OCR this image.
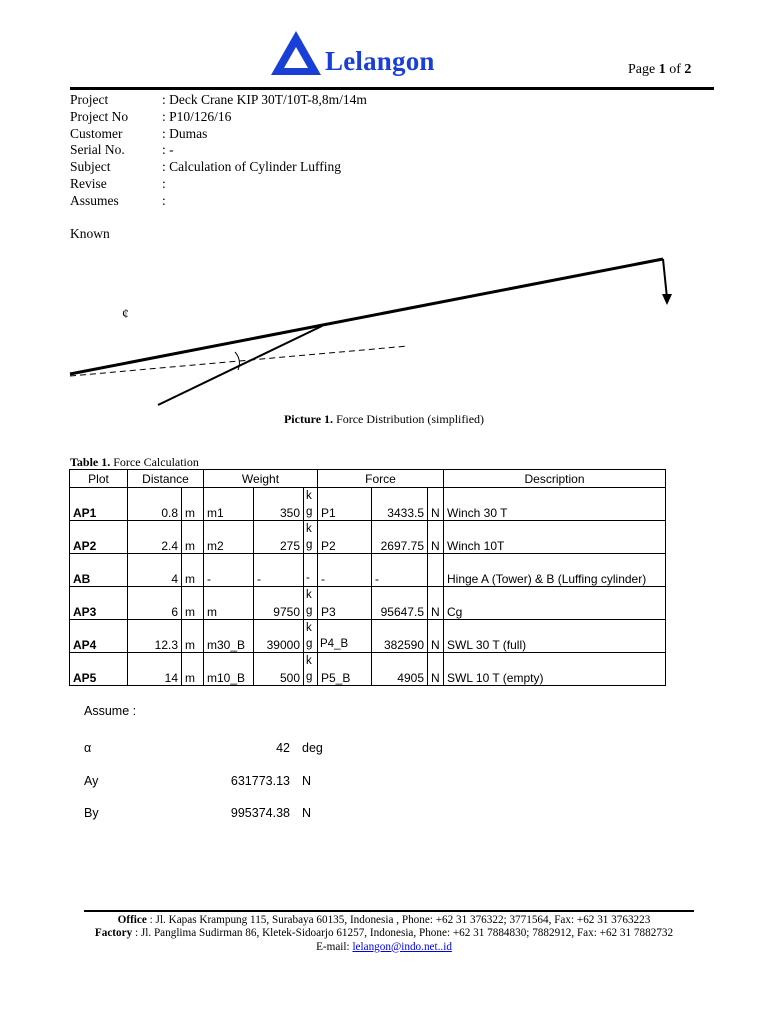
Lelangon	Page 1 of 2
Project	: Deck Crane KIP 30T/10T-8,8m/14m
Project No	: P10/126/16
Customer	: Dumas
Serial No.	: -
Subject	: Calculation of Cylinder Luffing
Revise	:
Assumes	:
Known
¢
Picture 1. Force Distribution (simplified)
Table 1. Force Calculation
Plot	Distance		Weight			Force			Description
AP1	0.8	m	m1	350	kg	P1	3433.5	N	Winch 30 T
AP2	2.4	m	m2	275	kg	P2	2697.75	N	Winch 10T
AB	4	m	-	-	-	-	-		Hinge A (Tower) & B (Luffing cylinder)
AP3	6	m	m	9750	kg	P3	95647.5	N	Cg
AP4	12.3	m	m30_B	39000	kg	P4_B	382590	N	SWL 30 T (full)
AP5	14	m	m10_B	500	kg	P5_B	4905	N	SWL 10 T (empty)
Assume :
α	42 deg
Ay	631773.13 N
By	995374.38 N
Office : Jl. Kapas Krampung 115, Surabaya 60135, Indonesia , Phone: +62 31 376322; 3771564, Fax: +62 31 3763223
Factory : Jl. Panglima Sudirman 86, Kletek-Sidoarjo 61257, Indonesia, Phone: +62 31 7884830; 7882912, Fax: +62 31 7882732
E-mail: lelangon@indo.net..id
